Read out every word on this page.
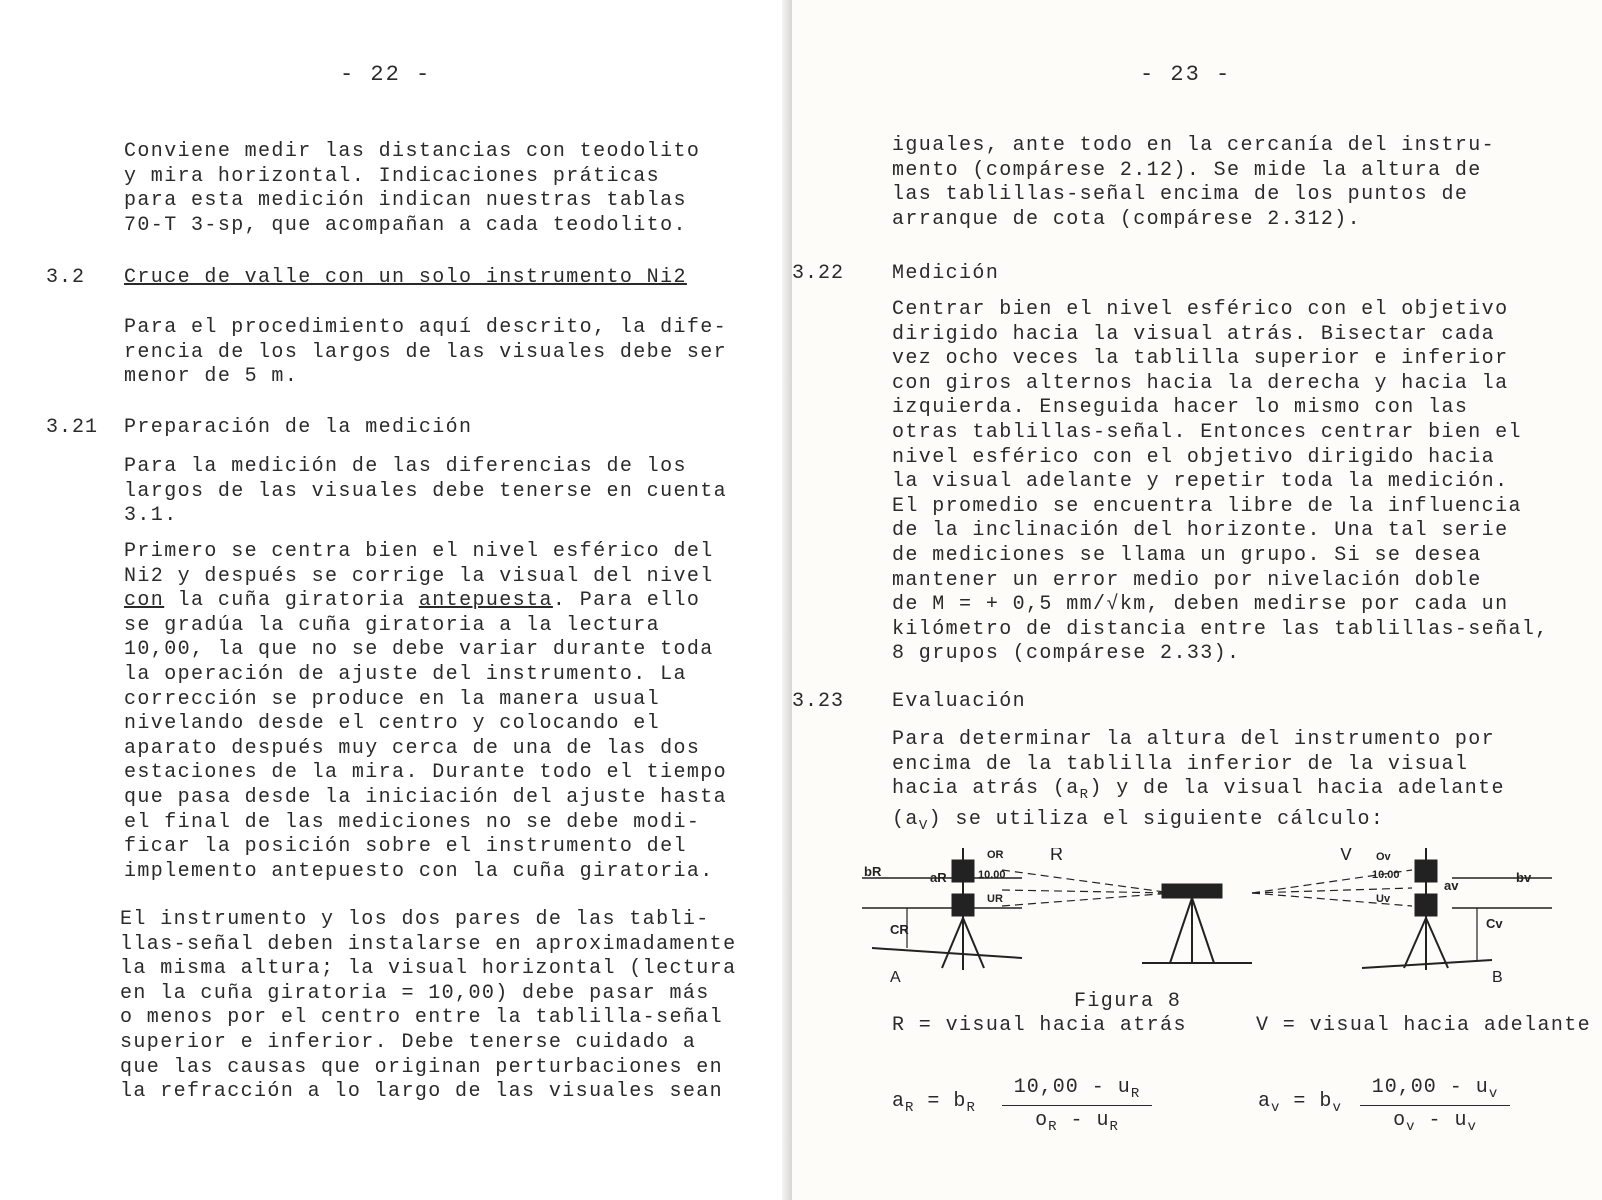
- 22 -
Conviene medir las distancias con teodolito
y mira horizontal. Indicaciones práticas
para esta medición indican nuestras tablas
70-T 3-sp, que acompañan a cada teodolito.
3.2 Cruce de valle con un solo instrumento Ni2
Para el procedimiento aquí descrito, la dife-
rencia de los largos de las visuales debe ser
menor de 5 m.
3.21 Preparación de la medición
Para la medición de las diferencias de los
largos de las visuales debe tenerse en cuenta
3.1.
Primero se centra bien el nivel esférico del
Ni2 y después se corrige la visual del nivel
con la cuña giratoria antepuesta. Para ello
se gradúa la cuña giratoria a la lectura
10,00, la que no se debe variar durante toda
la operación de ajuste del instrumento. La
corrección se produce en la manera usual
nivelando desde el centro y colocando el
aparato después muy cerca de una de las dos
estaciones de la mira. Durante todo el tiempo
que pasa desde la iniciación del ajuste hasta
el final de las mediciones no se debe modi-
ficar la posición sobre el instrumento del
implemento antepuesto con la cuña giratoria.
El instrumento y los dos pares de las tabli-
llas-señal deben instalarse en aproximadamente
la misma altura; la visual horizontal (lectura
en la cuña giratoria = 10,00) debe pasar más
o menos por el centro entre la tablilla-señal
superior e inferior. Debe tenerse cuidado a
que las causas que originan perturbaciones en
la refracción a lo largo de las visuales sean
- 23 -
iguales, ante todo en la cercanía del instru-
mento (compárese 2.12). Se mide la altura de
las tablillas-señal encima de los puntos de
arranque de cota (compárese 2.312).
3.22 Medición
Centrar bien el nivel esférico con el objetivo
dirigido hacia la visual atrás. Bisectar cada
vez ocho veces la tablilla superior e inferior
con giros alternos hacia la derecha y hacia la
izquierda. Enseguida hacer lo mismo con las
otras tablillas-señal. Entonces centrar bien el
nivel esférico con el objetivo dirigido hacia
la visual adelante y repetir toda la medición.
El promedio se encuentra libre de la influencia
de la inclinación del horizonte. Una tal serie
de mediciones se llama un grupo. Si se desea
mantener un error medio por nivelación doble
de M = + 0,5 mm/√km, deben medirse por cada un
kilómetro de distancia entre las tablillas-señal,
8 grupos (compárese 2.33).
3.23 Evaluación
Para determinar la altura del instrumento por
encima de la tablilla inferior de la visual
hacia atrás $(a_R)$ y de la visual hacia adelante
$(a_V)$ se utiliza el siguiente cálculo:
R	V
bR	aR
OR
UR
10.00
CR
A
Ov
10.00
Uv
av
bv
Cv
B
Figura 8
R = visual hacia atrás	V = visual hacia adelante
$a_R = b_R \frac{10,00 - u_R}{o_R - u_R}$	$a_v = b_v \frac{10,00 - u_v}{o_v - u_v}$
